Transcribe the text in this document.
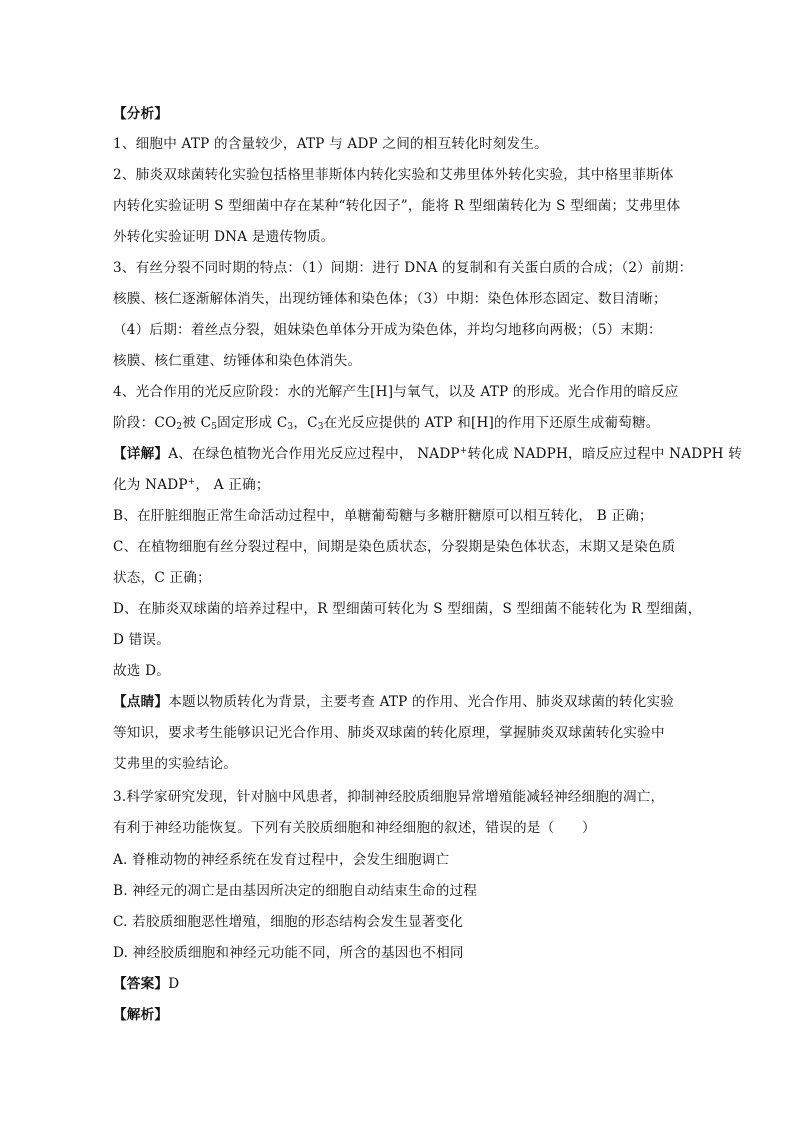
【分析】
1、细胞中 ATP 的含量较少，ATP 与 ADP 之间的相互转化时刻发生。
2、肺炎双球菌转化实验包括格里菲斯体内转化实验和艾弗里体外转化实验，其中格里菲斯体
内转化实验证明 S 型细菌中存在某种“转化因子”，能将 R 型细菌转化为 S 型细菌；艾弗里体
外转化实验证明 DNA 是遗传物质。
3、有丝分裂不同时期的特点：（1）间期：进行 DNA 的复制和有关蛋白质的合成；（2）前期：
核膜、核仁逐渐解体消失，出现纺锤体和染色体；（3）中期：染色体形态固定、数目清晰；
（4）后期：着丝点分裂，姐妹染色单体分开成为染色体，并均匀地移向两极；（5）末期：
核膜、核仁重建、纺锤体和染色体消失。
4、光合作用的光反应阶段：水的光解产生[H]与氧气，以及 ATP 的形成。光合作用的暗反应
阶段：$CO_2$被 $C_5$固定形成 $C_3$，$C_3$在光反应提供的 ATP 和[H]的作用下还原生成葡萄糖。
【详解】A、在绿色植物光合作用光反应过程中， NADP+转化成 NADPH，暗反应过程中 NADPH 转
化为 NADP+， A 正确；
B、在肝脏细胞正常生命活动过程中，单糖葡萄糖与多糖肝糖原可以相互转化， B 正确；
C、在植物细胞有丝分裂过程中，间期是染色质状态，分裂期是染色体状态，末期又是染色质
状态，C 正确；
D、在肺炎双球菌的培养过程中，R 型细菌可转化为 S 型细菌，S 型细菌不能转化为 R 型细菌，
D 错误。
故选 D。
【点睛】本题以物质转化为背景，主要考查 ATP 的作用、光合作用、肺炎双球菌的转化实验
等知识，要求考生能够识记光合作用、肺炎双球菌的转化原理，掌握肺炎双球菌转化实验中
艾弗里的实验结论。
3.科学家研究发现，针对脑中风患者，抑制神经胶质细胞异常增殖能减轻神经细胞的凋亡，
有利于神经功能恢复。下列有关胶质细胞和神经细胞的叙述，错误的是（　　）
A. 脊椎动物的神经系统在发育过程中，会发生细胞调亡
B. 神经元的凋亡是由基因所决定的细胞自动结束生命的过程
C. 若胶质细胞恶性增殖，细胞的形态结构会发生显著变化
D. 神经胶质细胞和神经元功能不同，所含的基因也不相同
【答案】D
【解析】
